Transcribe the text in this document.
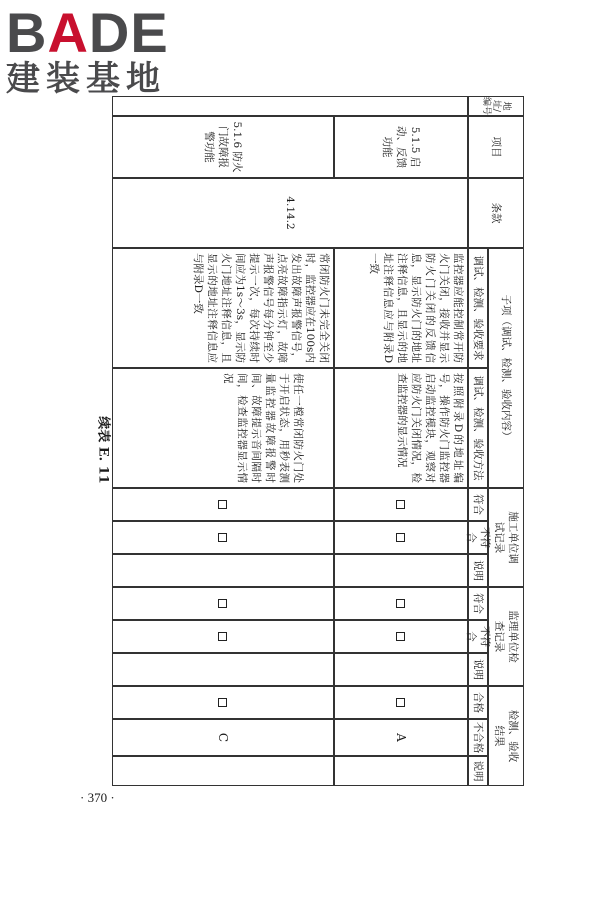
BADE
建装基地
续表 E. 11
地址/编号
项目
条款
子项（调试、检测、验收内容）
调试、检测、验收要求
调试、检测、验收方法
施工单位调试记录
符合
不符合
说明
监理单位检查记录
符合
不符合
说明
检测、验收结果
合格
不合格
说明
4.14.2
5.1.5 启动、反馈功能
监控器应能控制常开防火门关闭，接收并显示防火门关闭的反馈信息，显示防火门的地址注释信息，且显示的地址注释信息应与附录D一致
按照附录D的地址编号，操作防火门监控器启动监控模块，观察对应防火门关闭情况，检查监控器的显示情况
A
5.1.6 防火门故障报警功能
常闭防火门未完全关闭时，监控器应在100s内发出故障声报警信号，点亮故障指示灯，故障声报警信号每分钟至少提示一次，每次持续时间应为1s～3s，显示防火门地址注释信息，且显示的地址注释信息应与附录D一致
使任一樘常闭防火门处于开启状态，用秒表测量监控器故障报警时间、故障提示音间隔时间，检查监控器显示情况
C
· 370 ·
